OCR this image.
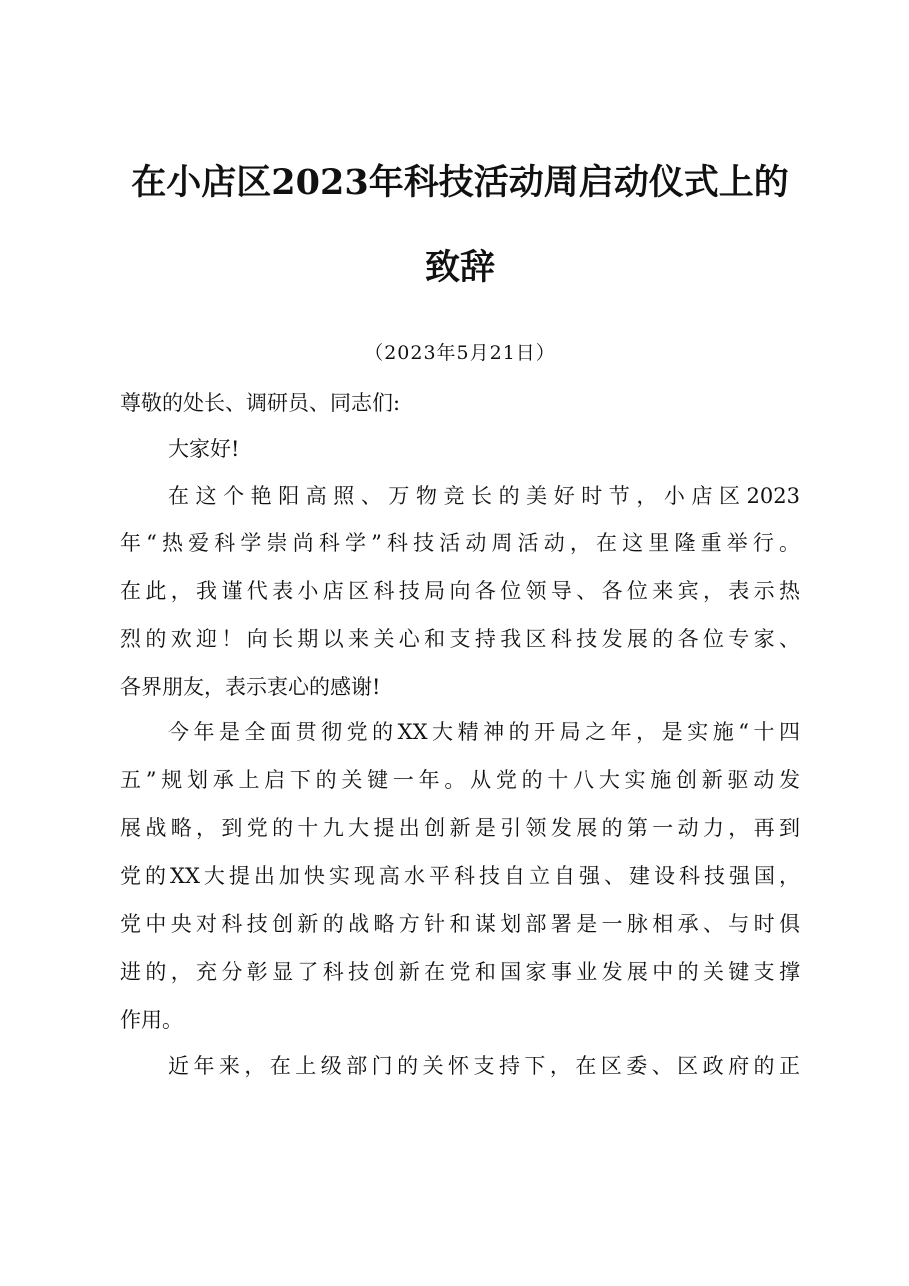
在小店区2023年科技活动周启动仪式上的
致辞
（2023年5月21日）
尊敬的处长、调研员、同志们:
大家好!
在这个艳阳高照、万物竞长的美好时节，小店区2023
年“热爱科学崇尚科学”科技活动周活动，在这里隆重举行。
在此，我谨代表小店区科技局向各位领导、各位来宾，表示热
烈的欢迎！向长期以来关心和支持我区科技发展的各位专家、
各界朋友，表示衷心的感谢!
今年是全面贯彻党的XX大精神的开局之年，是实施“十四
五”规划承上启下的关键一年。从党的十八大实施创新驱动发
展战略，到党的十九大提出创新是引领发展的第一动力，再到
党的XX大提出加快实现高水平科技自立自强、建设科技强国，
党中央对科技创新的战略方针和谋划部署是一脉相承、与时俱
进的，充分彰显了科技创新在党和国家事业发展中的关键支撑
作用。
近年来，在上级部门的关怀支持下，在区委、区政府的正
